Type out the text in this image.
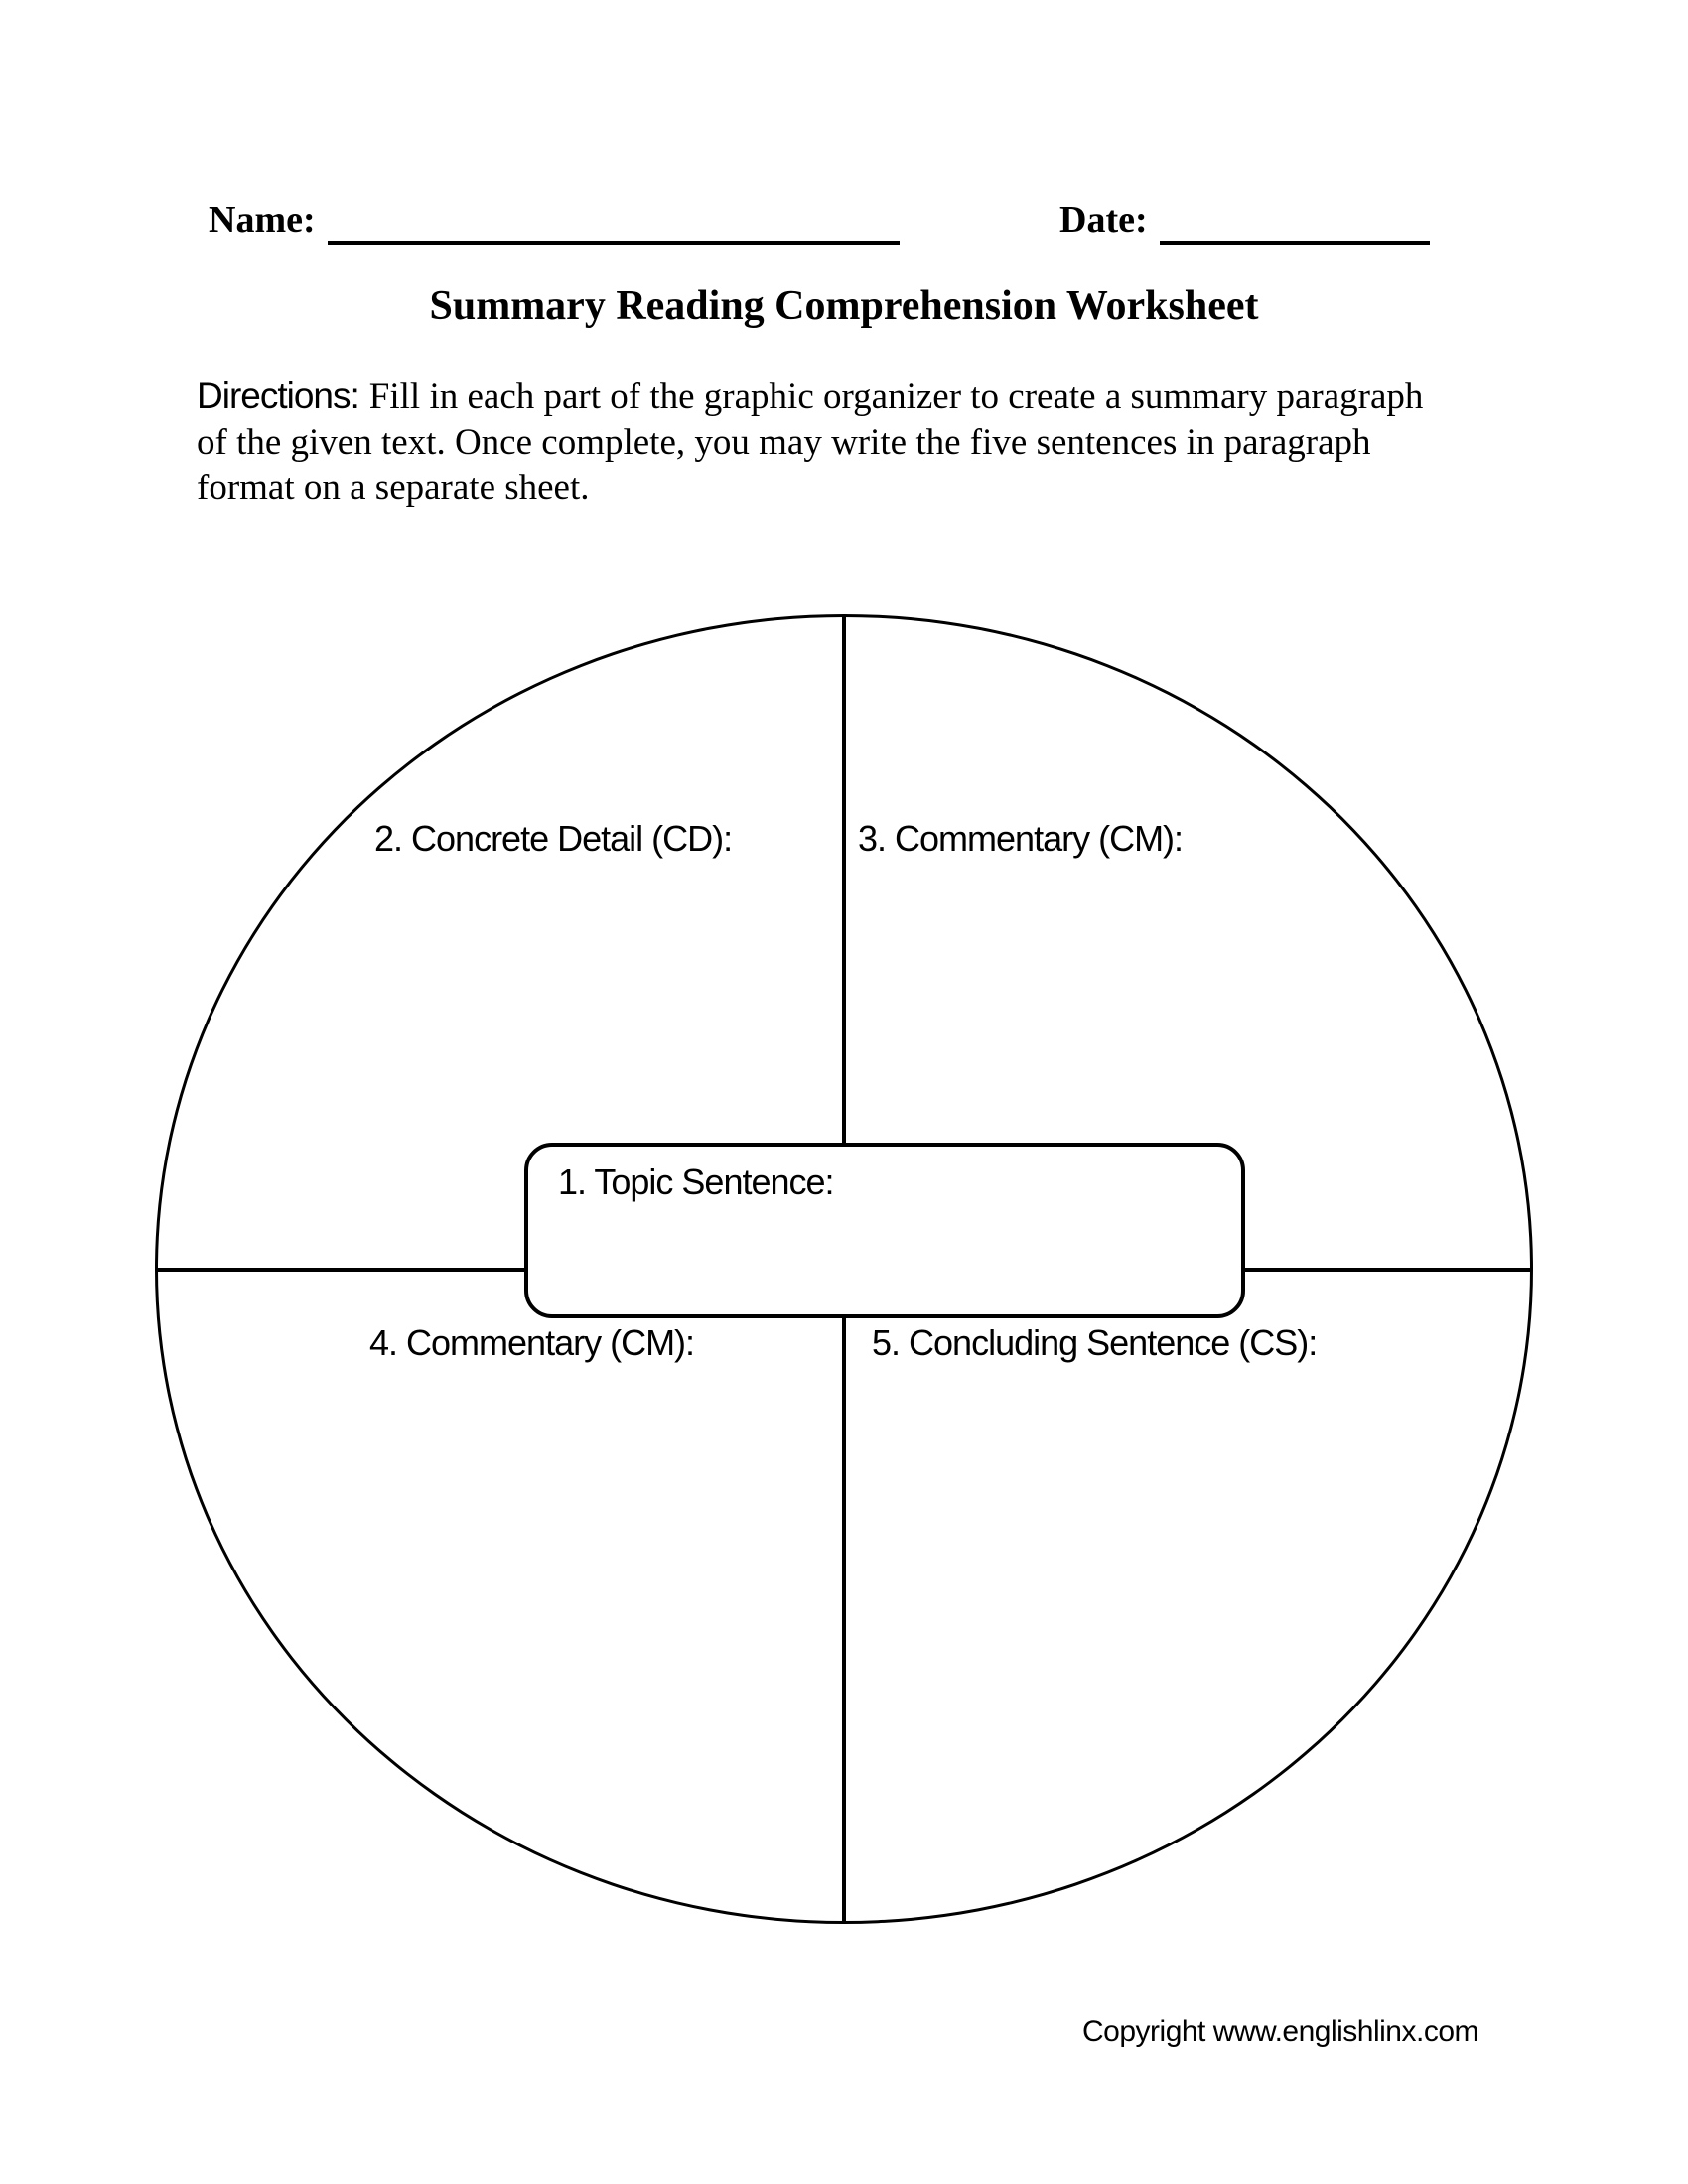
Name:	Date:
Summary Reading Comprehension Worksheet
Directions: Fill in each part of the graphic organizer to create a summary paragraph
of the given text. Once complete, you may write the five sentences in paragraph
format on a separate sheet.
2. Concrete Detail (CD):	3. Commentary (CM):
4. Commentary (CM):	5. Concluding Sentence (CS):
1. Topic Sentence:
Copyright www.englishlinx.com
